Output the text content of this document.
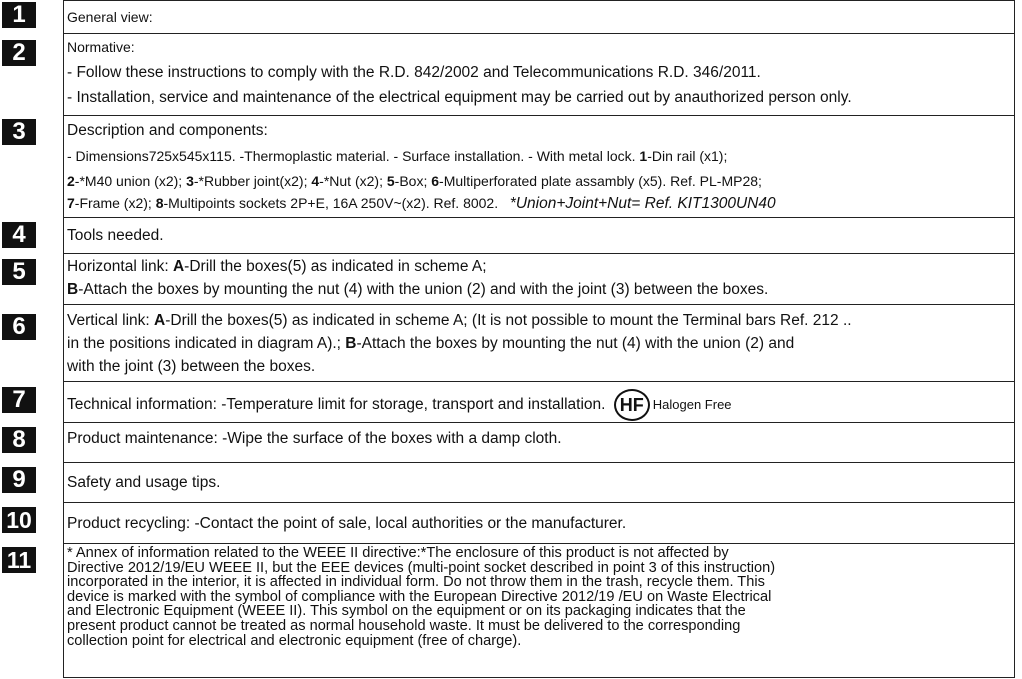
1	General view:
2	Normative:
- Follow these instructions to comply with the R.D. 842/2002 and Telecommunications R.D. 346/2011.
- Installation, service and maintenance of the electrical equipment may be carried out by anauthorized person only.
3	Description and components:
- Dimensions725x545x115. -Thermoplastic material. - Surface installation. - With metal lock. 1-Din rail (x1);
2-*M40 union (x2); 3-*Rubber joint(x2); 4-*Nut (x2); 5-Box; 6-Multiperforated plate assambly (x5). Ref. PL-MP28;
7-Frame (x2); 8-Multipoints sockets 2P+E, 16A 250V~(x2). Ref. 8002. *Union+Joint+Nut= Ref. KIT1300UN40
4	Tools needed.
5	Horizontal link: A-Drill the boxes(5) as indicated in scheme A;
B-Attach the boxes by mounting the nut (4) with the union (2) and with the joint (3) between the boxes.
6	Vertical link: A-Drill the boxes(5) as indicated in scheme A; (It is not possible to mount the Terminal bars Ref. 212 ..
in the positions indicated in diagram A).; B-Attach the boxes by mounting the nut (4) with the union (2) and
with the joint (3) between the boxes.
7	Technical information: -Temperature limit for storage, transport and installation. HF Halogen Free
8	Product maintenance: -Wipe the surface of the boxes with a damp cloth.
9	Safety and usage tips.
10 Product recycling: -Contact the point of sale, local authorities or the manufacturer.
11	* Annex of information related to the WEEE II directive:*The enclosure of this product is not affected by
Directive 2012/19/EU WEEE II, but the EEE devices (multi-point socket described in point 3 of this instruction)
incorporated in the interior, it is affected in individual form. Do not throw them in the trash, recycle them. This
device is marked with the symbol of compliance with the European Directive 2012/19 /EU on Waste Electrical
and Electronic Equipment (WEEE II). This symbol on the equipment or on its packaging indicates that the
present product cannot be treated as normal household waste. It must be delivered to the corresponding
collection point for electrical and electronic equipment (free of charge).
